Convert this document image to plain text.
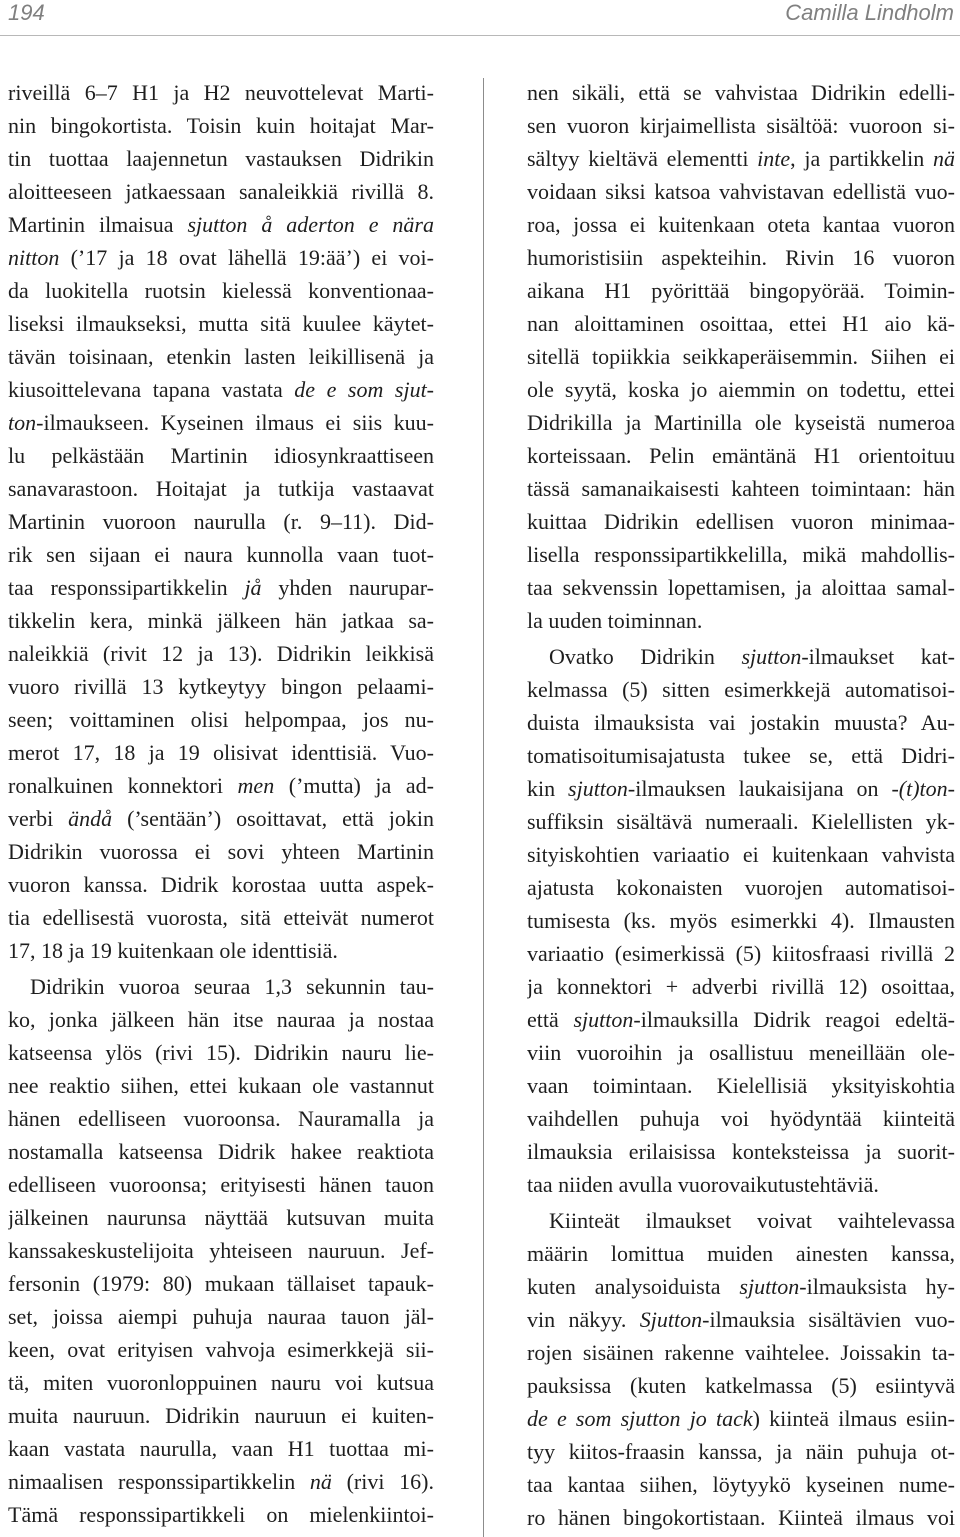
194	Camilla Lindholm
riveillä 6–7 H1 ja H2 neuvottelevat Marti-
nin bingokortista. Toisin kuin hoitajat Mar-
tin tuottaa laajennetun vastauksen Didrikin
aloitteeseen jatkaessaan sanaleikkiä rivillä 8.
Martinin ilmaisua sjutton å aderton e nära
nitton (’17 ja 18 ovat lähellä 19:ää’) ei voi-
da luokitella ruotsin kielessä konventionaa-
liseksi ilmaukseksi, mutta sitä kuulee käytet-
tävän toisinaan, etenkin lasten leikillisenä ja
kiusoittelevana tapana vastata de e som sjut-
ton-ilmaukseen. Kyseinen ilmaus ei siis kuu-
lu pelkästään Martinin idiosynkraattiseen
sanavarastoon. Hoitajat ja tutkija vastaavat
Martinin vuoroon naurulla (r. 9–11). Did-
rik sen sijaan ei naura kunnolla vaan tuot-
taa responssipartikkelin jå yhden naurupar-
tikkelin kera, minkä jälkeen hän jatkaa sa-
naleikkiä (rivit 12 ja 13). Didrikin leikkisä
vuoro rivillä 13 kytkeytyy bingon pelaami-
seen; voittaminen olisi helpompaa, jos nu-
merot 17, 18 ja 19 olisivat identtisiä. Vuo-
ronalkuinen konnektori men (’mutta) ja ad-
verbi ändå (’sentään’) osoittavat, että jokin
Didrikin vuorossa ei sovi yhteen Martinin
vuoron kanssa. Didrik korostaa uutta aspek-
tia edellisestä vuorosta, sitä etteivät numerot
17, 18 ja 19 kuitenkaan ole identtisiä.
Didrikin vuoroa seuraa 1,3 sekunnin tau-
ko, jonka jälkeen hän itse nauraa ja nostaa
katseensa ylös (rivi 15). Didrikin nauru lie-
nee reaktio siihen, ettei kukaan ole vastannut
hänen edelliseen vuoroonsa. Nauramalla ja
nostamalla katseensa Didrik hakee reaktiota
edelliseen vuoroonsa; erityisesti hänen tauon
jälkeinen naurunsa näyttää kutsuvan muita
kanssakeskustelijoita yhteiseen nauruun. Jef-
fersonin (1979: 80) mukaan tällaiset tapauk-
set, joissa aiempi puhuja nauraa tauon jäl-
keen, ovat erityisen vahvoja esimerkkejä sii-
tä, miten vuoronloppuinen nauru voi kutsua
muita nauruun. Didrikin nauruun ei kuiten-
kaan vastata naurulla, vaan H1 tuottaa mi-
nimaalisen responssipartikkelin nä (rivi 16).
Tämä responssipartikkeli on mielenkiintoi-
nen sikäli, että se vahvistaa Didrikin edelli-
sen vuoron kirjaimellista sisältöä: vuoroon si-
sältyy kieltävä elementti inte, ja partikkelin nä
voidaan siksi katsoa vahvistavan edellistä vuo-
roa, jossa ei kuitenkaan oteta kantaa vuoron
humoristisiin aspekteihin. Rivin 16 vuoron
aikana H1 pyörittää bingopyörää. Toimin-
nan aloittaminen osoittaa, ettei H1 aio kä-
sitellä topiikkia seikkaperäisemmin. Siihen ei
ole syytä, koska jo aiemmin on todettu, ettei
Didrikilla ja Martinilla ole kyseistä numeroa
korteissaan. Pelin emäntänä H1 orientoituu
tässä samanaikaisesti kahteen toimintaan: hän
kuittaa Didrikin edellisen vuoron minimaa-
lisella responssipartikkelilla, mikä mahdollis-
taa sekvenssin lopettamisen, ja aloittaa samal-
la uuden toiminnan.
Ovatko Didrikin sjutton-ilmaukset kat-
kelmassa (5) sitten esimerkkejä automatisoi-
duista ilmauksista vai jostakin muusta? Au-
tomatisoitumisajatusta tukee se, että Didri-
kin sjutton-ilmauksen laukaisijana on -(t)ton-
suffiksin sisältävä numeraali. Kielellisten yk-
sityiskohtien variaatio ei kuitenkaan vahvista
ajatusta kokonaisten vuorojen automatisoi-
tumisesta (ks. myös esimerkki 4). Ilmausten
variaatio (esimerkissä (5) kiitosfraasi rivillä 2
ja konnektori + adverbi rivillä 12) osoittaa,
että sjutton-ilmauksilla Didrik reagoi edeltä-
viin vuoroihin ja osallistuu meneillään ole-
vaan toimintaan. Kielellisiä yksityiskohtia
vaihdellen puhuja voi hyödyntää kiinteitä
ilmauksia erilaisissa konteksteissa ja suorit-
taa niiden avulla vuorovaikutustehtäviä.
Kiinteät ilmaukset voivat vaihtelevassa
määrin lomittua muiden ainesten kanssa,
kuten analysoiduista sjutton-ilmauksista hy-
vin näkyy. Sjutton-ilmauksia sisältävien vuo-
rojen sisäinen rakenne vaihtelee. Joissakin ta-
pauksissa (kuten katkelmassa (5) esiintyvä
de e som sjutton jo tack) kiinteä ilmaus esiin-
tyy kiitos-fraasin kanssa, ja näin puhuja ot-
taa kantaa siihen, löytyykö kyseinen nume-
ro hänen bingokortistaan. Kiinteä ilmaus voi
